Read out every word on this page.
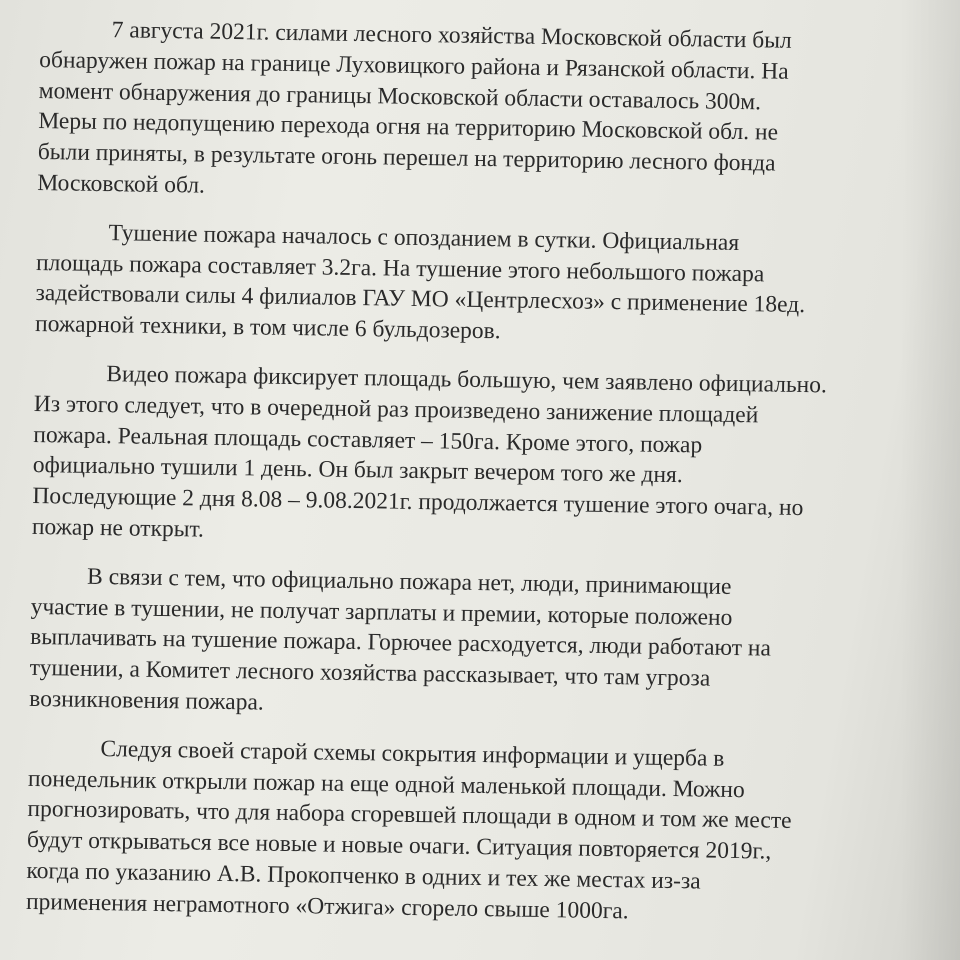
7 августа 2021г. силами лесного хозяйства Московской области был
обнаружен пожар на границе Луховицкого района и Рязанской области. На
момент обнаружения до границы Московской области оставалось 300м.
Меры по недопущению перехода огня на территорию Московской обл. не
были приняты, в результате огонь перешел на территорию лесного фонда
Московской обл.
Тушение пожара началось с опозданием в сутки. Официальная
площадь пожара составляет 3.2га. На тушение этого небольшого пожара
задействовали силы 4 филиалов ГАУ МО «Центрлесхоз» с применение 18ед.
пожарной техники, в том числе 6 бульдозеров.
Видео пожара фиксирует площадь большую, чем заявлено официально.
Из этого следует, что в очередной раз произведено занижение площадей
пожара. Реальная площадь составляет – 150га. Кроме этого, пожар
официально тушили 1 день. Он был закрыт вечером того же дня.
Последующие 2 дня 8.08 – 9.08.2021г. продолжается тушение этого очага, но
пожар не открыт.
В связи с тем, что официально пожара нет, люди, принимающие
участие в тушении, не получат зарплаты и премии, которые положено
выплачивать на тушение пожара. Горючее расходуется, люди работают на
тушении, а Комитет лесного хозяйства рассказывает, что там угроза
возникновения пожара.
Следуя своей старой схемы сокрытия информации и ущерба в
понедельник открыли пожар на еще одной маленькой площади. Можно
прогнозировать, что для набора сгоревшей площади в одном и том же месте
будут открываться все новые и новые очаги. Ситуация повторяется 2019г.,
когда по указанию А.В. Прокопченко в одних и тех же местах из-за
применения неграмотного «Отжига» сгорело свыше 1000га.
